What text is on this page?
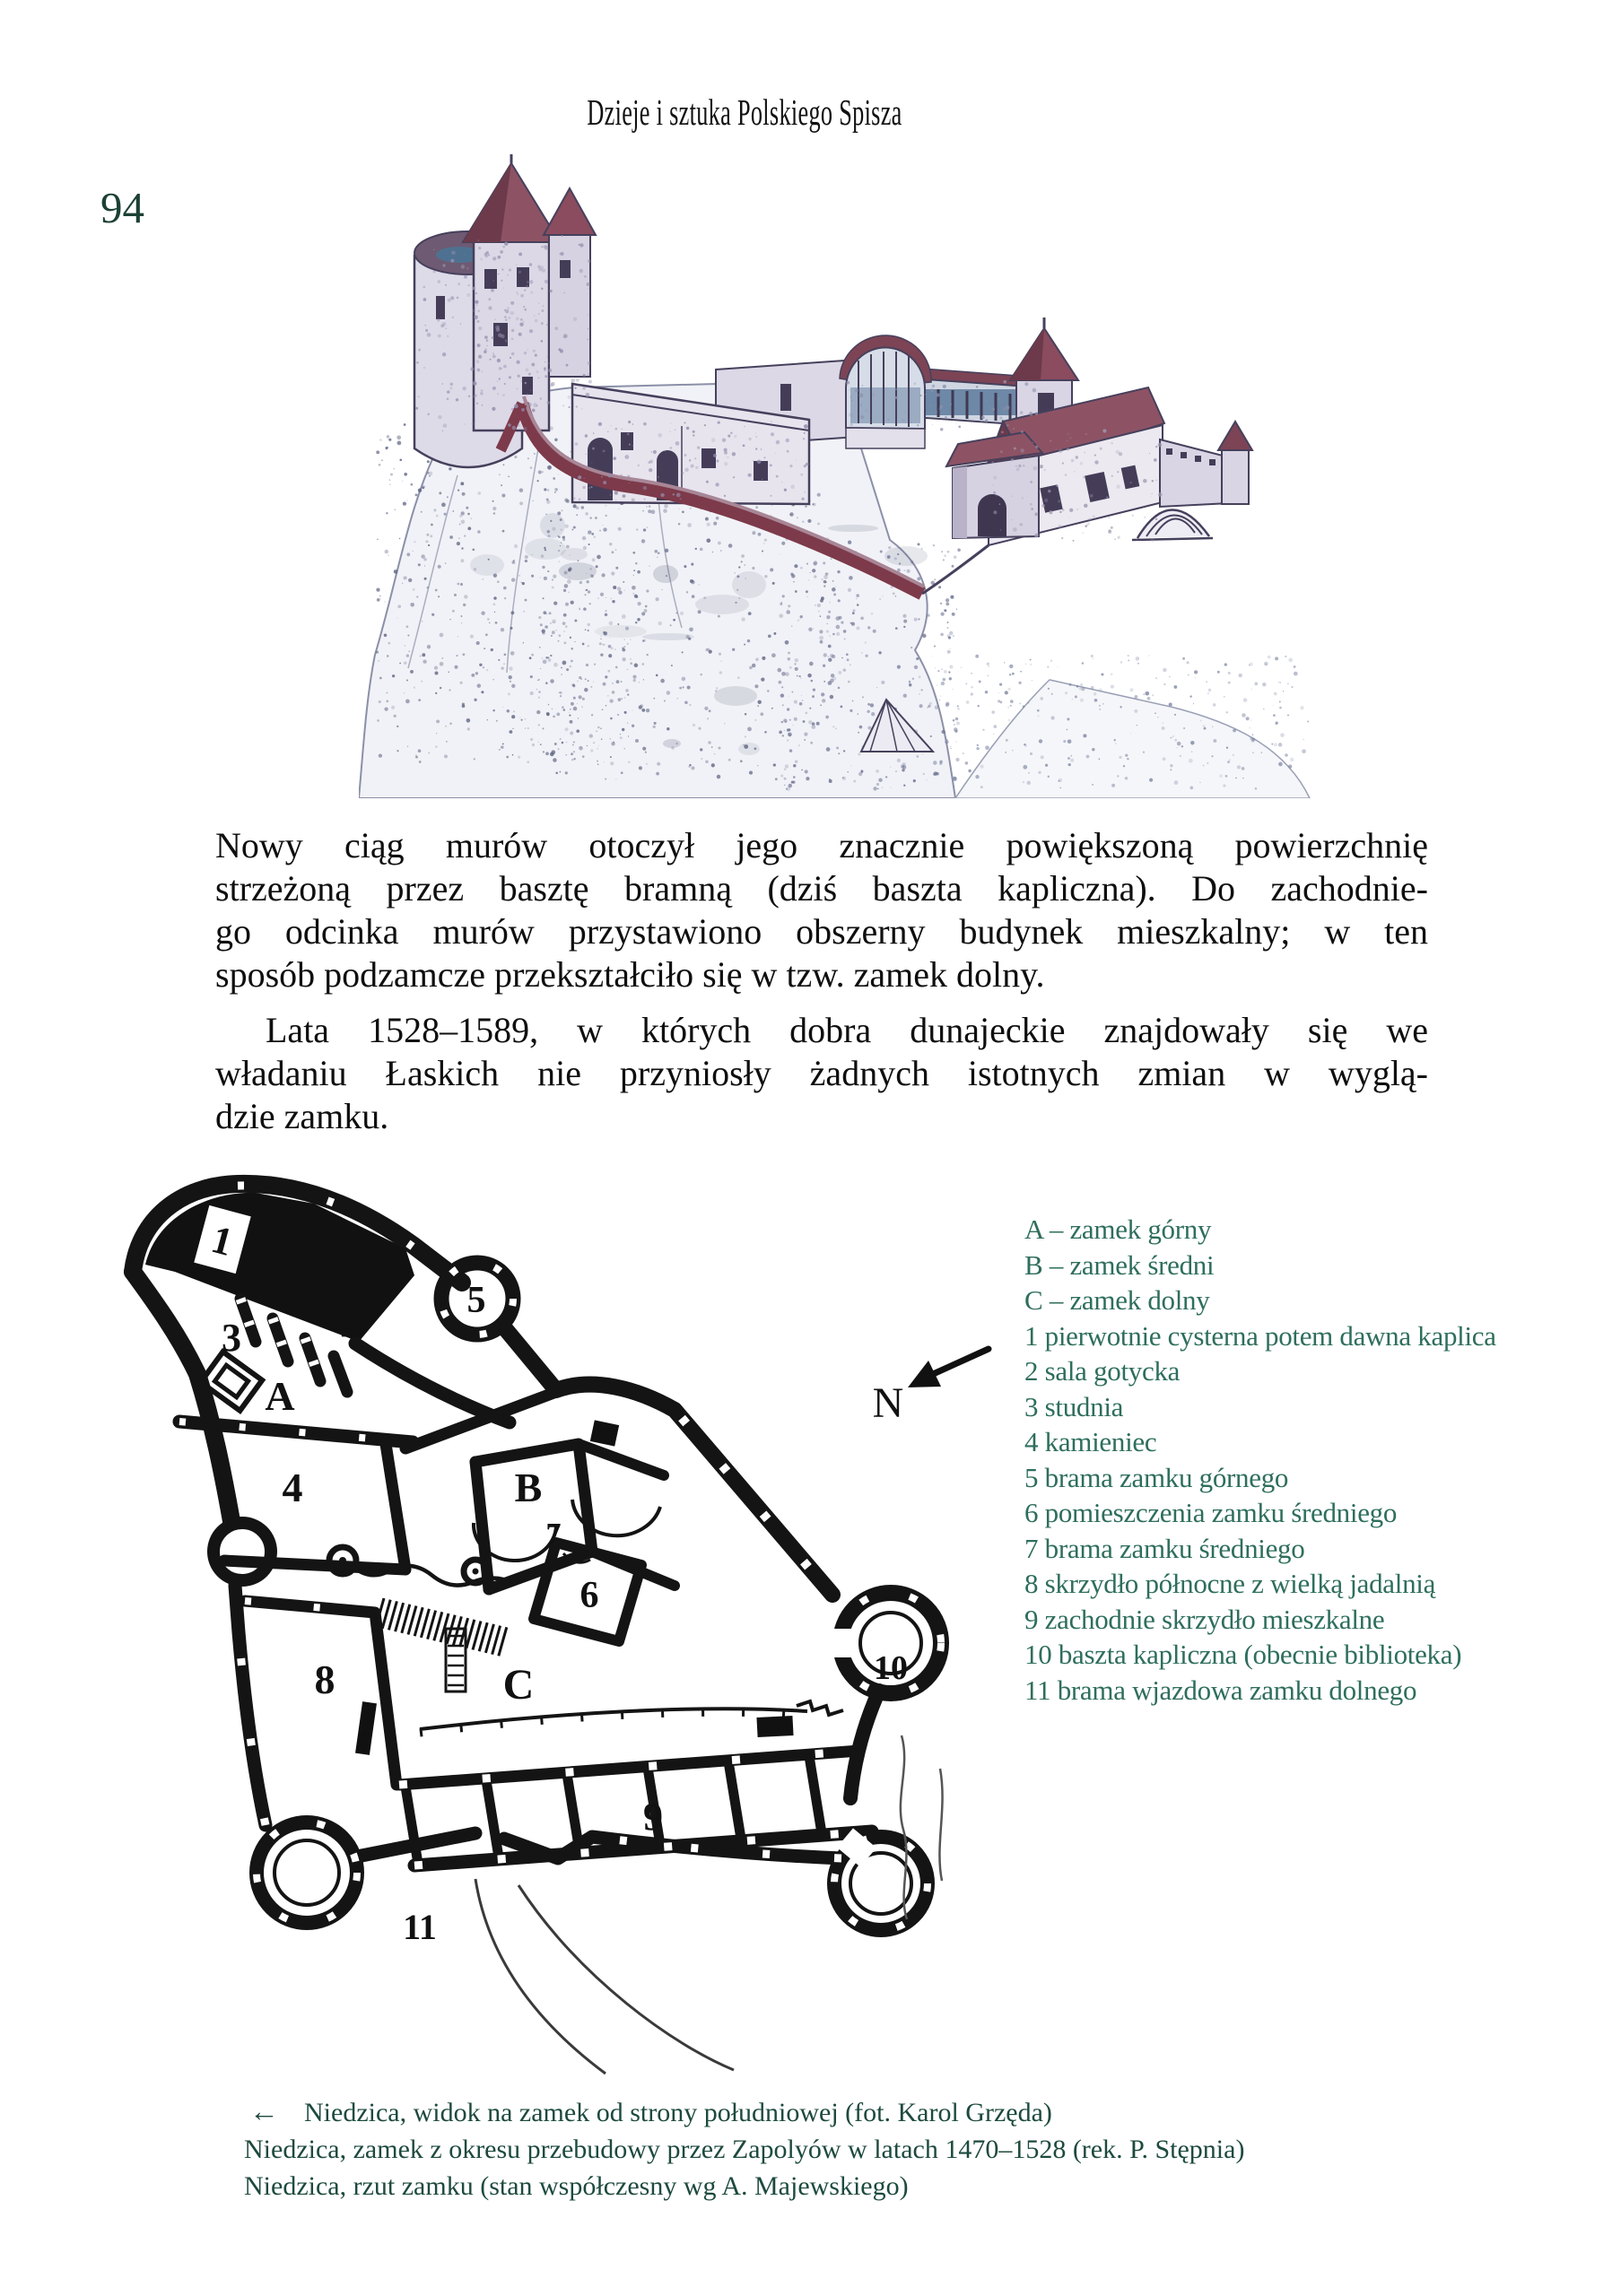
Dzieje i sztuka Polskiego Spisza
94
Nowy ciąg murów otoczył jego znacznie powiększoną powierzchnię
strzeżoną przez basztę bramną (dziś baszta kapliczna). Do zachodnie-
go odcinka murów przystawiono obszerny budynek mieszkalny; w ten
sposób podzamcze przekształciło się w tzw. zamek dolny.
Lata 1528–1589, w których dobra dunajeckie znajdowały się we
władaniu Łaskich nie przyniosły żadnych istotnych zmian w wyglą-
dzie zamku.
1
2
3
A
4	B
5
7
6
8	C
9
10
11
N
A – zamek górny
B – zamek średni
C – zamek dolny
1 pierwotnie cysterna potem dawna kaplica
2 sala gotycka
3 studnia
4 kamieniec
5 brama zamku górnego
6 pomieszczenia zamku średniego
7 brama zamku średniego
8 skrzydło północne z wielką jadalnią
9 zachodnie skrzydło mieszkalne
10 baszta kapliczna (obecnie biblioteka)
11 brama wjazdowa zamku dolnego
← Niedzica, widok na zamek od strony południowej (fot. Karol Grzęda)
Niedzica, zamek z okresu przebudowy przez Zapolyów w latach 1470–1528 (rek. P. Stępnia)
Niedzica, rzut zamku (stan współczesny wg A. Majewskiego)
